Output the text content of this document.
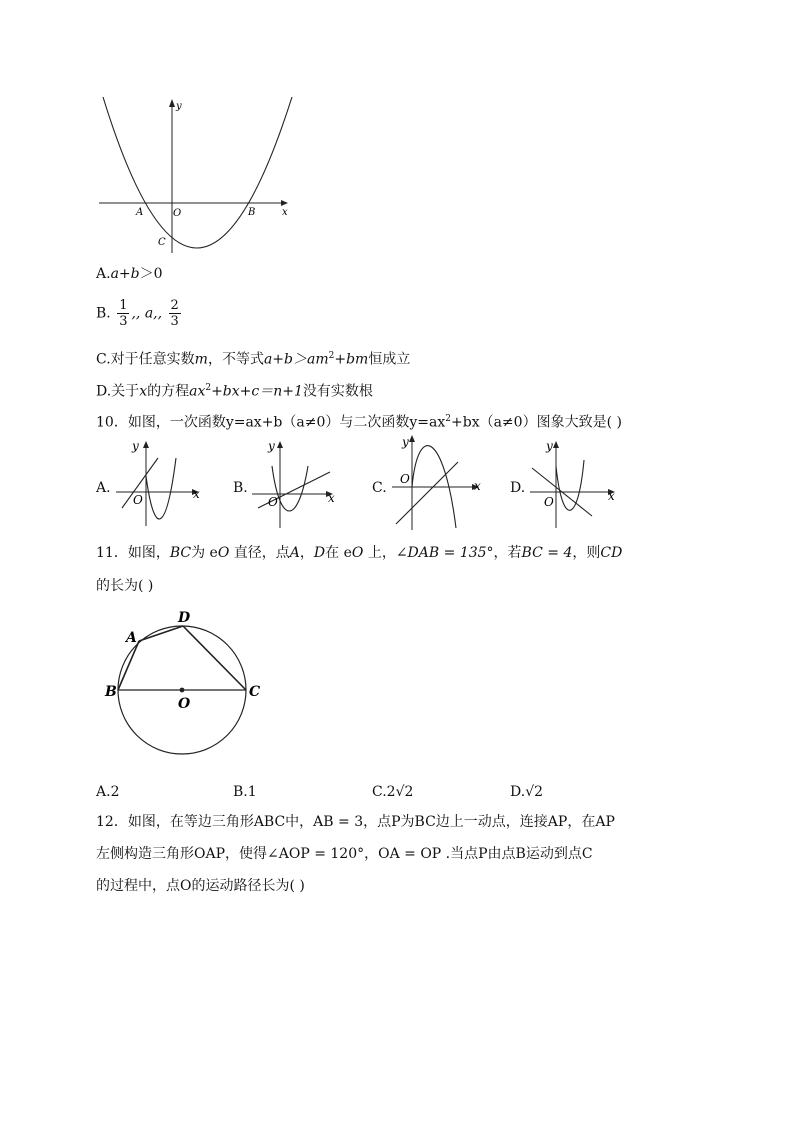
y
x
O
A	B
C
A.a+b＞0
B. $\frac{1}{3}$ ,, a,, $\frac{2}{3}$
C.对于任意实数m，不等式$a+b>am^2+bm$恒成立
D.关于x的方程$ax^2+bx+c=n+1$没有实数根
10．如图，一次函数y=ax+b（a≠0）与二次函数$y=ax^2+bx(a\ne 0)$图象大致是( )
A.
y
x
O
B.
y
x
O
C.
y
x
O
D.
y
x
O
11．如图，BC为 eO 直径，点A，D在 eO 上，∠DAB = 135°，若BC = 4，则CD
的长为( )
A
D
B	C
O
A.2	B.1	C.2√2	D.√2
12．如图，在等边三角形ABC中，AB = 3，点P为BC边上一动点，连接AP，在AP
左侧构造三角形OAP，使得∠AOP = 120°，OA = OP .当点P由点B运动到点C
的过程中，点O的运动路径长为( )
